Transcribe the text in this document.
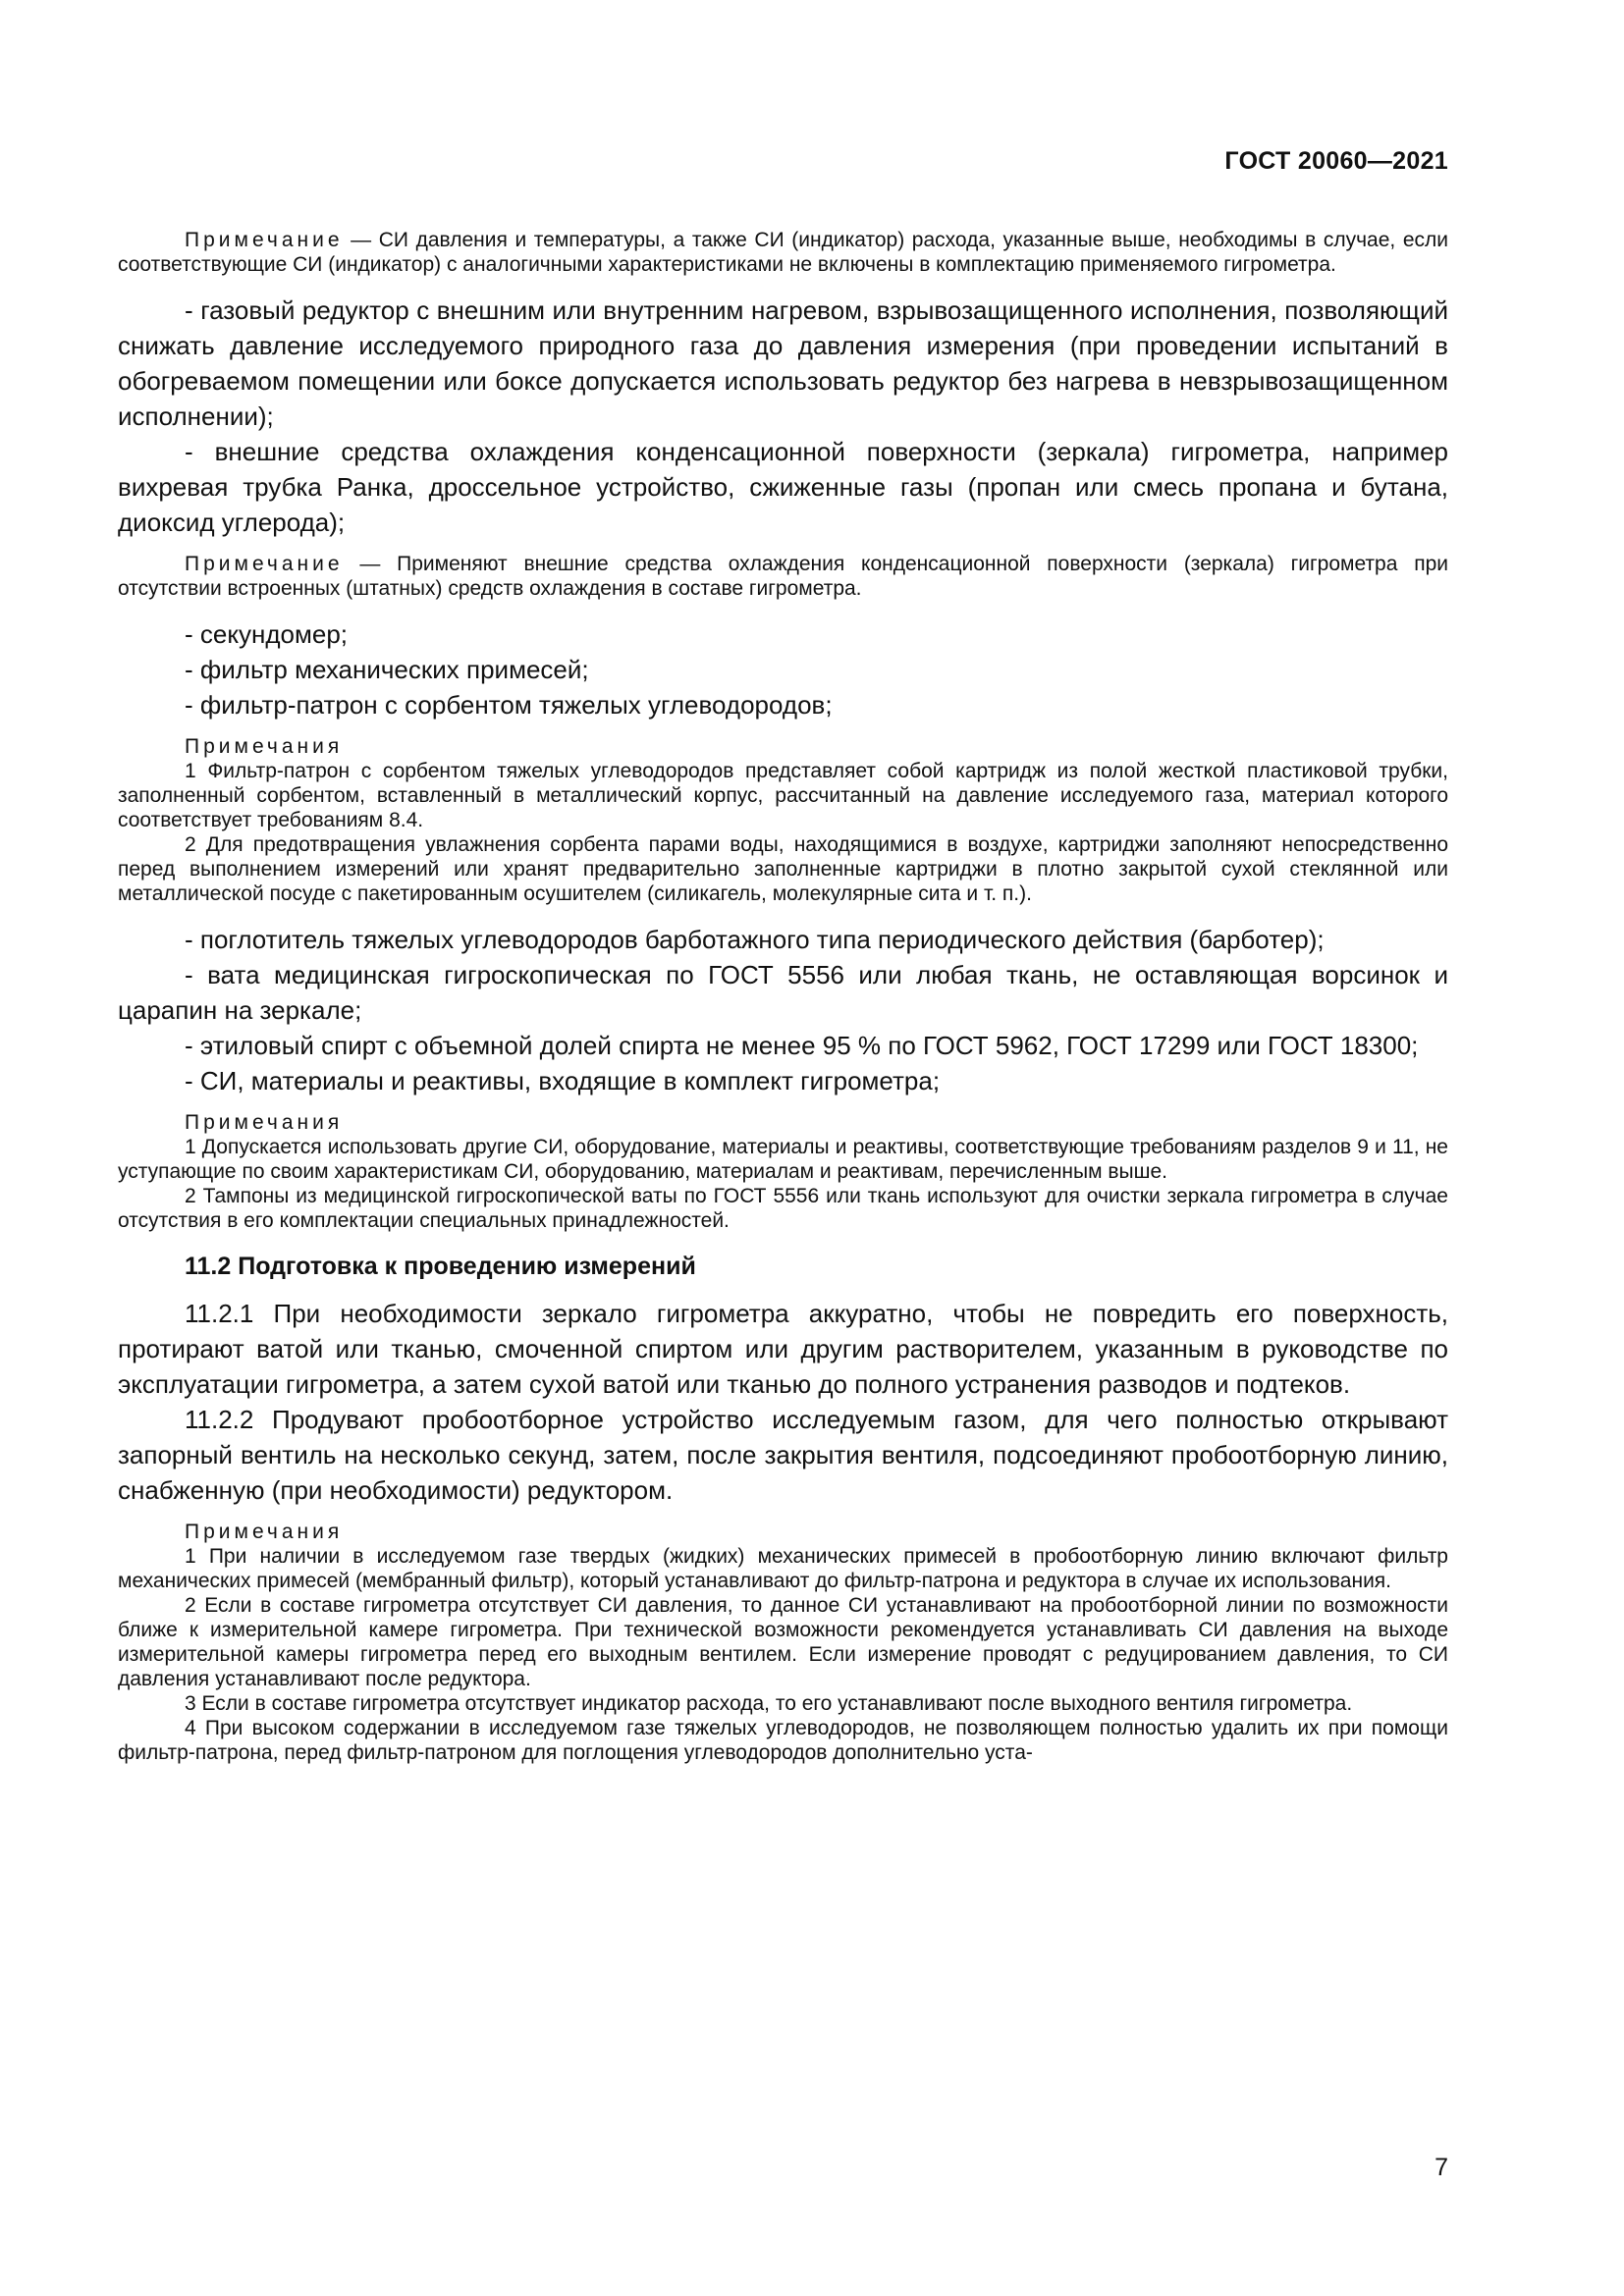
ГОСТ 20060—2021

Примечание — СИ давления и температуры, а также СИ (индикатор) расхода, указанные выше, необходимы в случае, если соответствующие СИ (индикатор) с аналогичными характеристиками не включены в комплектацию применяемого гигрометра.

- газовый редуктор с внешним или внутренним нагревом, взрывозащищенного исполнения, позволяющий снижать давление исследуемого природного газа до давления измерения (при проведении испытаний в обогреваемом помещении или боксе допускается использовать редуктор без нагрева в невзрывозащищенном исполнении);

- внешние средства охлаждения конденсационной поверхности (зеркала) гигрометра, например вихревая трубка Ранка, дроссельное устройство, сжиженные газы (пропан или смесь пропана и бутана, диоксид углерода);

Примечание — Применяют внешние средства охлаждения конденсационной поверхности (зеркала) гигрометра при отсутствии встроенных (штатных) средств охлаждения в составе гигрометра.

- секундомер;

- фильтр механических примесей;

- фильтр-патрон с сорбентом тяжелых углеводородов;

Примечания

1 Фильтр-патрон с сорбентом тяжелых углеводородов представляет собой картридж из полой жесткой пластиковой трубки, заполненный сорбентом, вставленный в металлический корпус, рассчитанный на давление исследуемого газа, материал которого соответствует требованиям 8.4.

2 Для предотвращения увлажнения сорбента парами воды, находящимися в воздухе, картриджи заполняют непосредственно перед выполнением измерений или хранят предварительно заполненные картриджи в плотно закрытой сухой стеклянной или металлической посуде с пакетированным осушителем (силикагель, молекулярные сита и т. п.).

- поглотитель тяжелых углеводородов барботажного типа периодического действия (барботер);

- вата медицинская гигроскопическая по ГОСТ 5556 или любая ткань, не оставляющая ворсинок и царапин на зеркале;

- этиловый спирт с объемной долей спирта не менее 95 % по ГОСТ 5962, ГОСТ 17299 или ГОСТ 18300;

- СИ, материалы и реактивы, входящие в комплект гигрометра;

Примечания

1 Допускается использовать другие СИ, оборудование, материалы и реактивы, соответствующие требованиям разделов 9 и 11, не уступающие по своим характеристикам СИ, оборудованию, материалам и реактивам, перечисленным выше.

2 Тампоны из медицинской гигроскопической ваты по ГОСТ 5556 или ткань используют для очистки зеркала гигрометра в случае отсутствия в его комплектации специальных принадлежностей.

11.2 Подготовка к проведению измерений

11.2.1 При необходимости зеркало гигрометра аккуратно, чтобы не повредить его поверхность, протирают ватой или тканью, смоченной спиртом или другим растворителем, указанным в руководстве по эксплуатации гигрометра, а затем сухой ватой или тканью до полного устранения разводов и подтеков.

11.2.2 Продувают пробоотборное устройство исследуемым газом, для чего полностью открывают запорный вентиль на несколько секунд, затем, после закрытия вентиля, подсоединяют пробоотборную линию, снабженную (при необходимости) редуктором.

Примечания

1 При наличии в исследуемом газе твердых (жидких) механических примесей в пробоотборную линию включают фильтр механических примесей (мембранный фильтр), который устанавливают до фильтр-патрона и редуктора в случае их использования.

2 Если в составе гигрометра отсутствует СИ давления, то данное СИ устанавливают на пробоотборной линии по возможности ближе к измерительной камере гигрометра. При технической возможности рекомендуется устанавливать СИ давления на выходе измерительной камеры гигрометра перед его выходным вентилем. Если измерение проводят с редуцированием давления, то СИ давления устанавливают после редуктора.

3 Если в составе гигрометра отсутствует индикатор расхода, то его устанавливают после выходного вентиля гигрометра.

4 При высоком содержании в исследуемом газе тяжелых углеводородов, не позволяющем полностью удалить их при помощи фильтр-патрона, перед фильтр-патроном для поглощения углеводородов дополнительно уста-

7
